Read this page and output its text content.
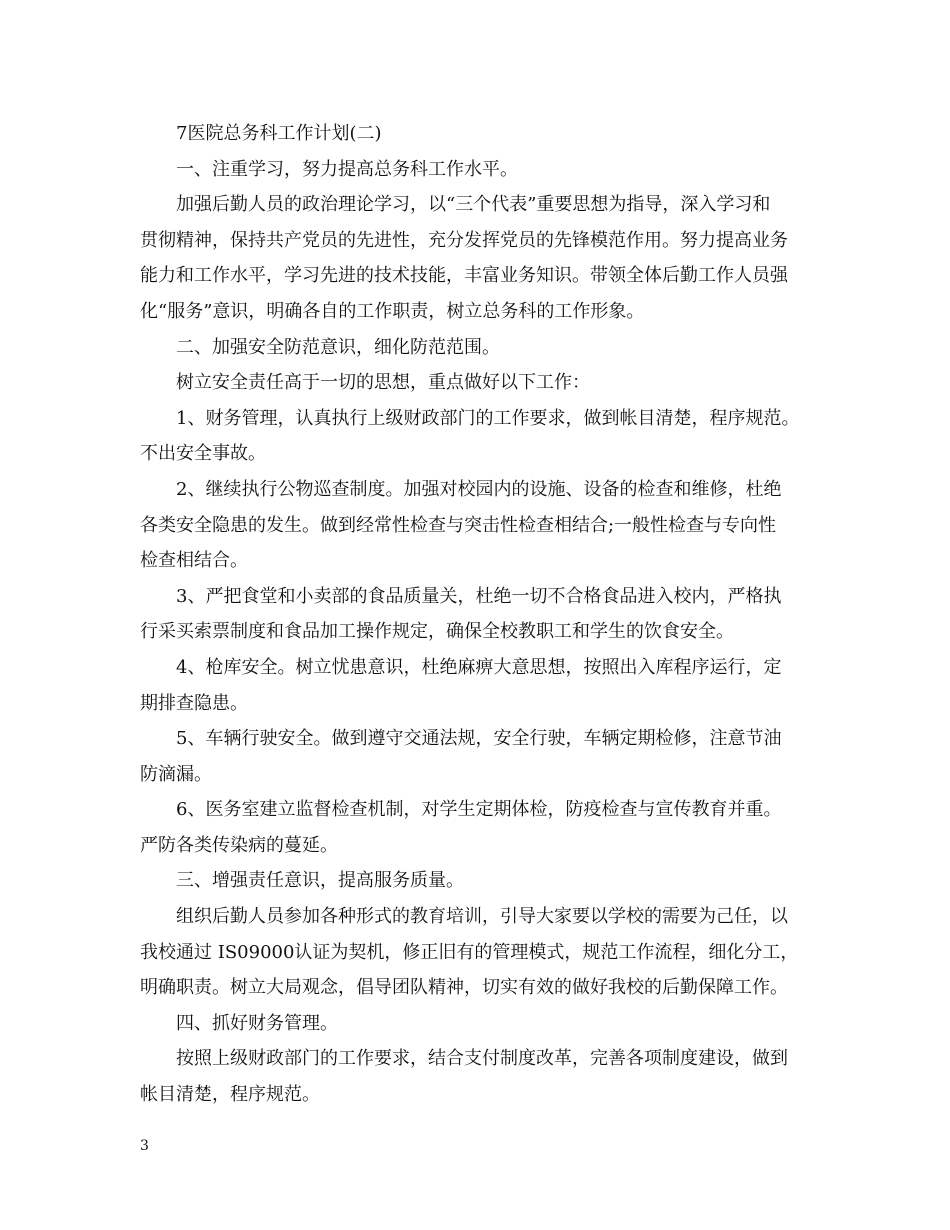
7医院总务科工作计划(二)

一、注重学习，努力提高总务科工作水平。

加强后勤人员的政治理论学习，以“三个代表”重要思想为指导，深入学习和

贯彻精神，保持共产党员的先进性，充分发挥党员的先锋模范作用。努力提高业务

能力和工作水平，学习先进的技术技能，丰富业务知识。带领全体后勤工作人员强

化“服务”意识，明确各自的工作职责，树立总务科的工作形象。

二、加强安全防范意识，细化防范范围。

树立安全责任高于一切的思想，重点做好以下工作：

1、财务管理，认真执行上级财政部门的工作要求，做到帐目清楚，程序规范。

不出安全事故。

2、继续执行公物巡查制度。加强对校园内的设施、设备的检查和维修，杜绝

各类安全隐患的发生。做到经常性检查与突击性检查相结合;一般性检查与专向性

检查相结合。

3、严把食堂和小卖部的食品质量关，杜绝一切不合格食品进入校内，严格执

行采买索票制度和食品加工操作规定，确保全校教职工和学生的饮食安全。

4、枪库安全。树立忧患意识，杜绝麻痹大意思想，按照出入库程序运行，定

期排查隐患。

5、车辆行驶安全。做到遵守交通法规，安全行驶，车辆定期检修，注意节油

防滴漏。

6、医务室建立监督检查机制，对学生定期体检，防疫检查与宣传教育并重。

严防各类传染病的蔓延。

三、增强责任意识，提高服务质量。

组织后勤人员参加各种形式的教育培训，引导大家要以学校的需要为己任，以

我校通过 IS09000认证为契机，修正旧有的管理模式，规范工作流程，细化分工，

明确职责。树立大局观念，倡导团队精神，切实有效的做好我校的后勤保障工作。

四、抓好财务管理。

按照上级财政部门的工作要求，结合支付制度改革，完善各项制度建设，做到

帐目清楚，程序规范。

3
